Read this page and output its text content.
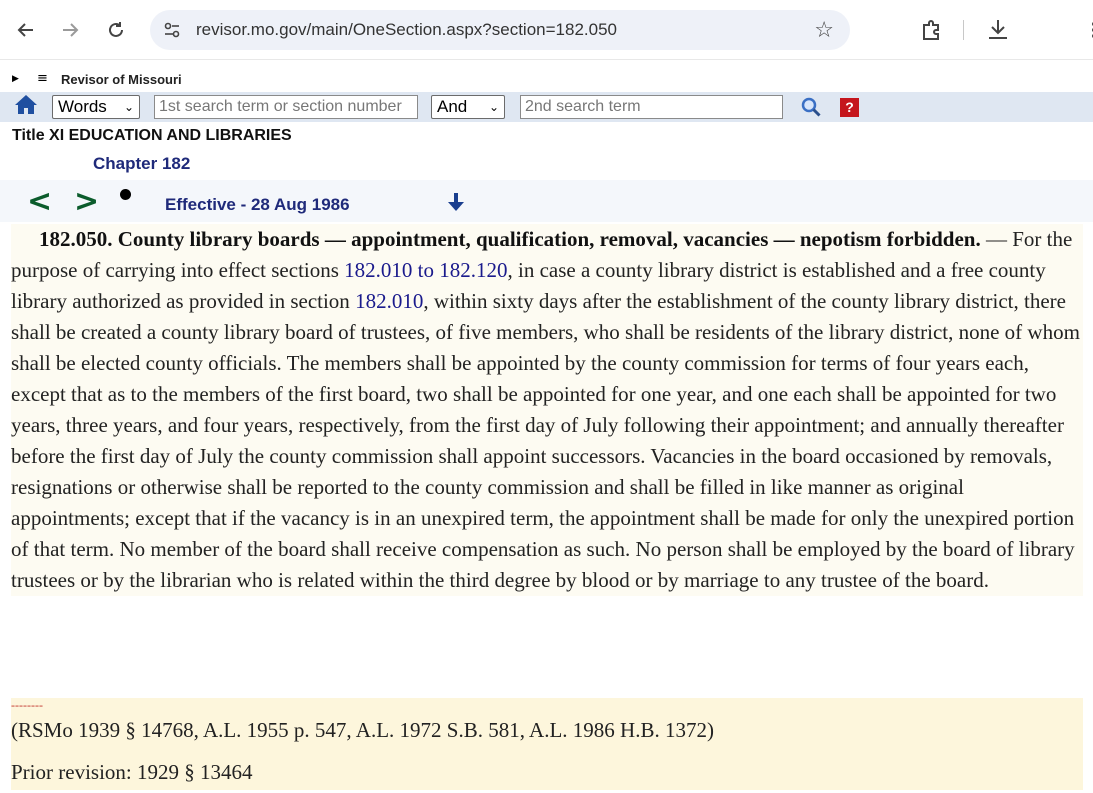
revisor.mo.gov/main/OneSection.aspx?section=182.050	☆
▶ ≡ Revisor of Missouri
Words ⌄	1st search term or section number	And ⌄	2nd search term	?
Title XI EDUCATION AND LIBRARIES
Chapter 182
< >	Effective - 28 Aug 1986
182.050. County library boards — appointment, qualification, removal, vacancies — nepotism forbidden. — For the purpose of carrying into effect sections 182.010 to 182.120, in case a county library district is established and a free county library authorized as provided in section 182.010, within sixty days after the establishment of the county library district, there shall be created a county library board of trustees, of five members, who shall be residents of the library district, none of whom shall be elected county officials. The members shall be appointed by the county commission for terms of four years each, except that as to the members of the first board, two shall be appointed for one year, and one each shall be appointed for two years, three years, and four years, respectively, from the first day of July following their appointment; and annually thereafter before the first day of July the county commission shall appoint successors. Vacancies in the board occasioned by removals, resignations or otherwise shall be reported to the county commission and shall be filled in like manner as original appointments; except that if the vacancy is in an unexpired term, the appointment shall be made for only the unexpired portion of that term. No member of the board shall receive compensation as such. No person shall be employed by the board of library trustees or by the librarian who is related within the third degree by blood or by marriage to any trustee of the board.
--------
(RSMo 1939 § 14768, A.L. 1955 p. 547, A.L. 1972 S.B. 581, A.L. 1986 H.B. 1372)
Prior revision: 1929 § 13464
